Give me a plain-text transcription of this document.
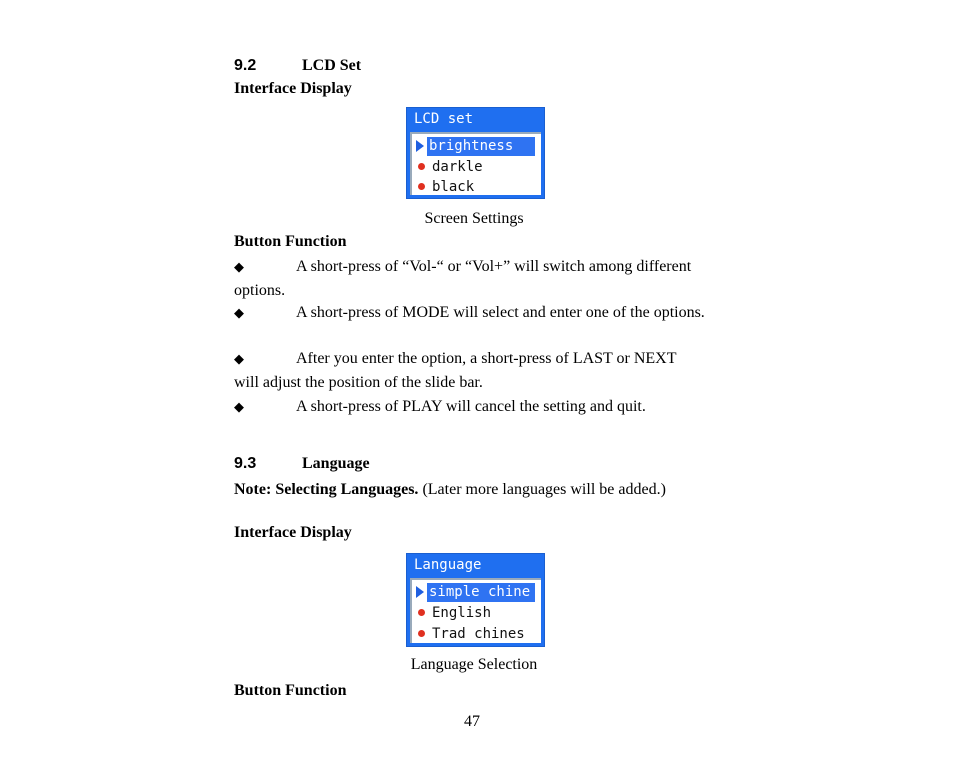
9.2	LCD Set
Interface Display
LCD set
brightness
darkle
black
Screen Settings
Button Function
◆	A short-press of “Vol-“ or “Vol+” will switch among different options.
◆	A short-press of MODE will select and enter one of the options.
◆	After you enter the option, a short-press of LAST or NEXT will adjust the position of the slide bar.
◆	A short-press of PLAY will cancel the setting and quit.
9.3	Language
Note: Selecting Languages. (Later more languages will be added.)
Interface Display
Language
simple chine
English
Trad chines
Language Selection
Button Function
47
